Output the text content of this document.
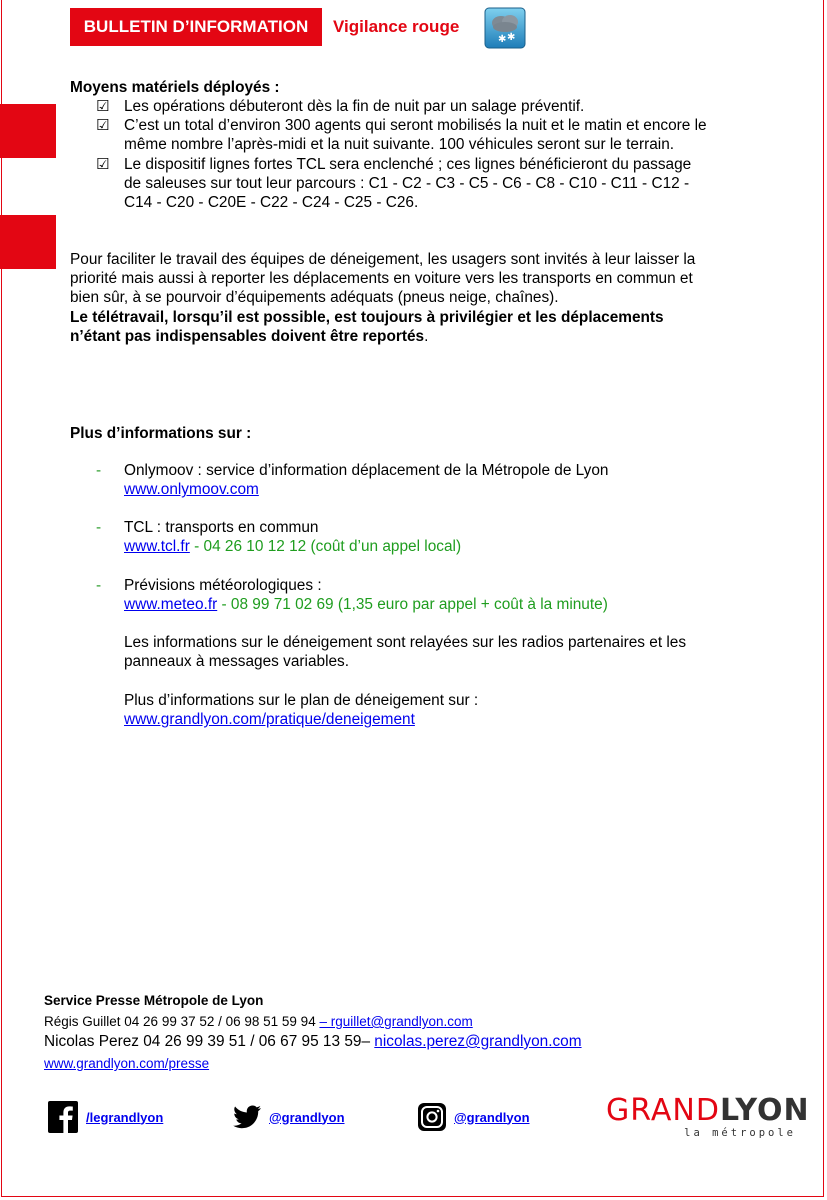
BULLETIN D’INFORMATION	Vigilance rouge
✱ ✱
Moyens matériels déployés :
☑ Les opérations débuteront dès la fin de nuit par un salage préventif.
☑ C’est un total d’environ 300 agents qui seront mobilisés la nuit et le matin et encore le
même nombre l’après-midi et la nuit suivante. 100 véhicules seront sur le terrain.
☑ Le dispositif lignes fortes TCL sera enclenché ; ces lignes bénéficieront du passage
de saleuses sur tout leur parcours : C1 - C2 - C3 - C5 - C6 - C8 - C10 - C11 - C12 -
C14 - C20 - C20E - C22 - C24 - C25 - C26.
Pour faciliter le travail des équipes de déneigement, les usagers sont invités à leur laisser la
priorité mais aussi à reporter les déplacements en voiture vers les transports en commun et
bien sûr, à se pourvoir d’équipements adéquats (pneus neige, chaînes).
Le télétravail, lorsqu’il est possible, est toujours à privilégier et les déplacements
n’étant pas indispensables doivent être reportés.
Plus d’informations sur :
- Onlymoov : service d’information déplacement de la Métropole de Lyon
www.onlymoov.com
- TCL : transports en commun
www.tcl.fr - 04 26 10 12 12 (coût d’un appel local)
- Prévisions météorologiques :
www.meteo.fr - 08 99 71 02 69 (1,35 euro par appel + coût à la minute)
Les informations sur le déneigement sont relayées sur les radios partenaires et les
panneaux à messages variables.
Plus d’informations sur le plan de déneigement sur :
www.grandlyon.com/pratique/deneigement
Service Presse Métropole de Lyon
Régis Guillet 04 26 99 37 52 / 06 98 51 59 94 – rguillet@grandlyon.com
Nicolas Perez 04 26 99 39 51 / 06 67 95 13 59– nicolas.perez@grandlyon.com
www.grandlyon.com/presse
/legrandlyon	@grandlyon	@grandlyon	GRANDLYON
la métropole
